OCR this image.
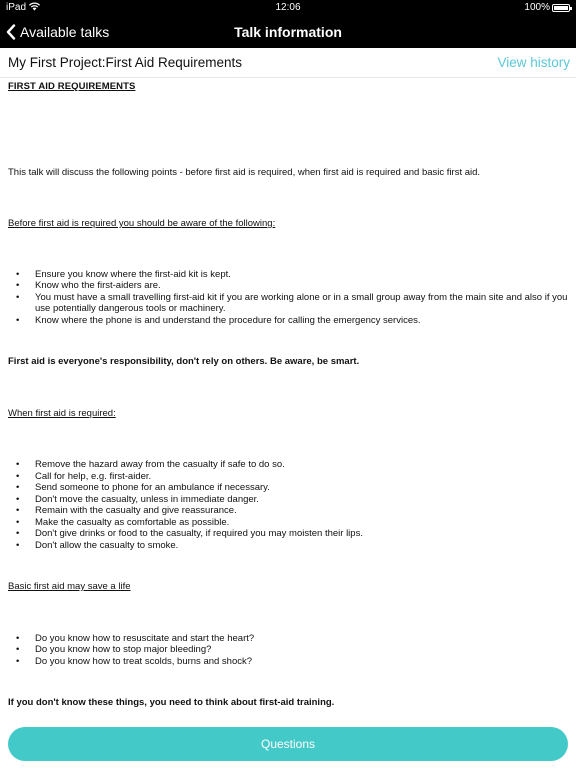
iPad	12:06	100%
Available talks	Talk information
My First Project:First Aid Requirements	View history

FIRST AID REQUIREMENTS

This talk will discuss the following points - before first aid is required, when first aid is required and basic first aid.

Before first aid is required you should be aware of the following:

• Ensure you know where the first-aid kit is kept.
• Know who the first-aiders are.
• You must have a small travelling first-aid kit if you are working alone or in a small group away from the main site and also if you use potentially dangerous tools or machinery.
• Know where the phone is and understand the procedure for calling the emergency services.

First aid is everyone's responsibility, don't rely on others. Be aware, be smart.

When first aid is required:

• Remove the hazard away from the casualty if safe to do so.
• Call for help, e.g. first-aider.
• Send someone to phone for an ambulance if necessary.
• Don't move the casualty, unless in immediate danger.
• Remain with the casualty and give reassurance.
• Make the casualty as comfortable as possible.
• Don't give drinks or food to the casualty, if required you may moisten their lips.
• Don't allow the casualty to smoke.

Basic first aid may save a life

• Do you know how to resuscitate and start the heart?
• Do you know how to stop major bleeding?
• Do you know how to treat scolds, burns and shock?

If you don't know these things, you need to think about first-aid training.

Questions
